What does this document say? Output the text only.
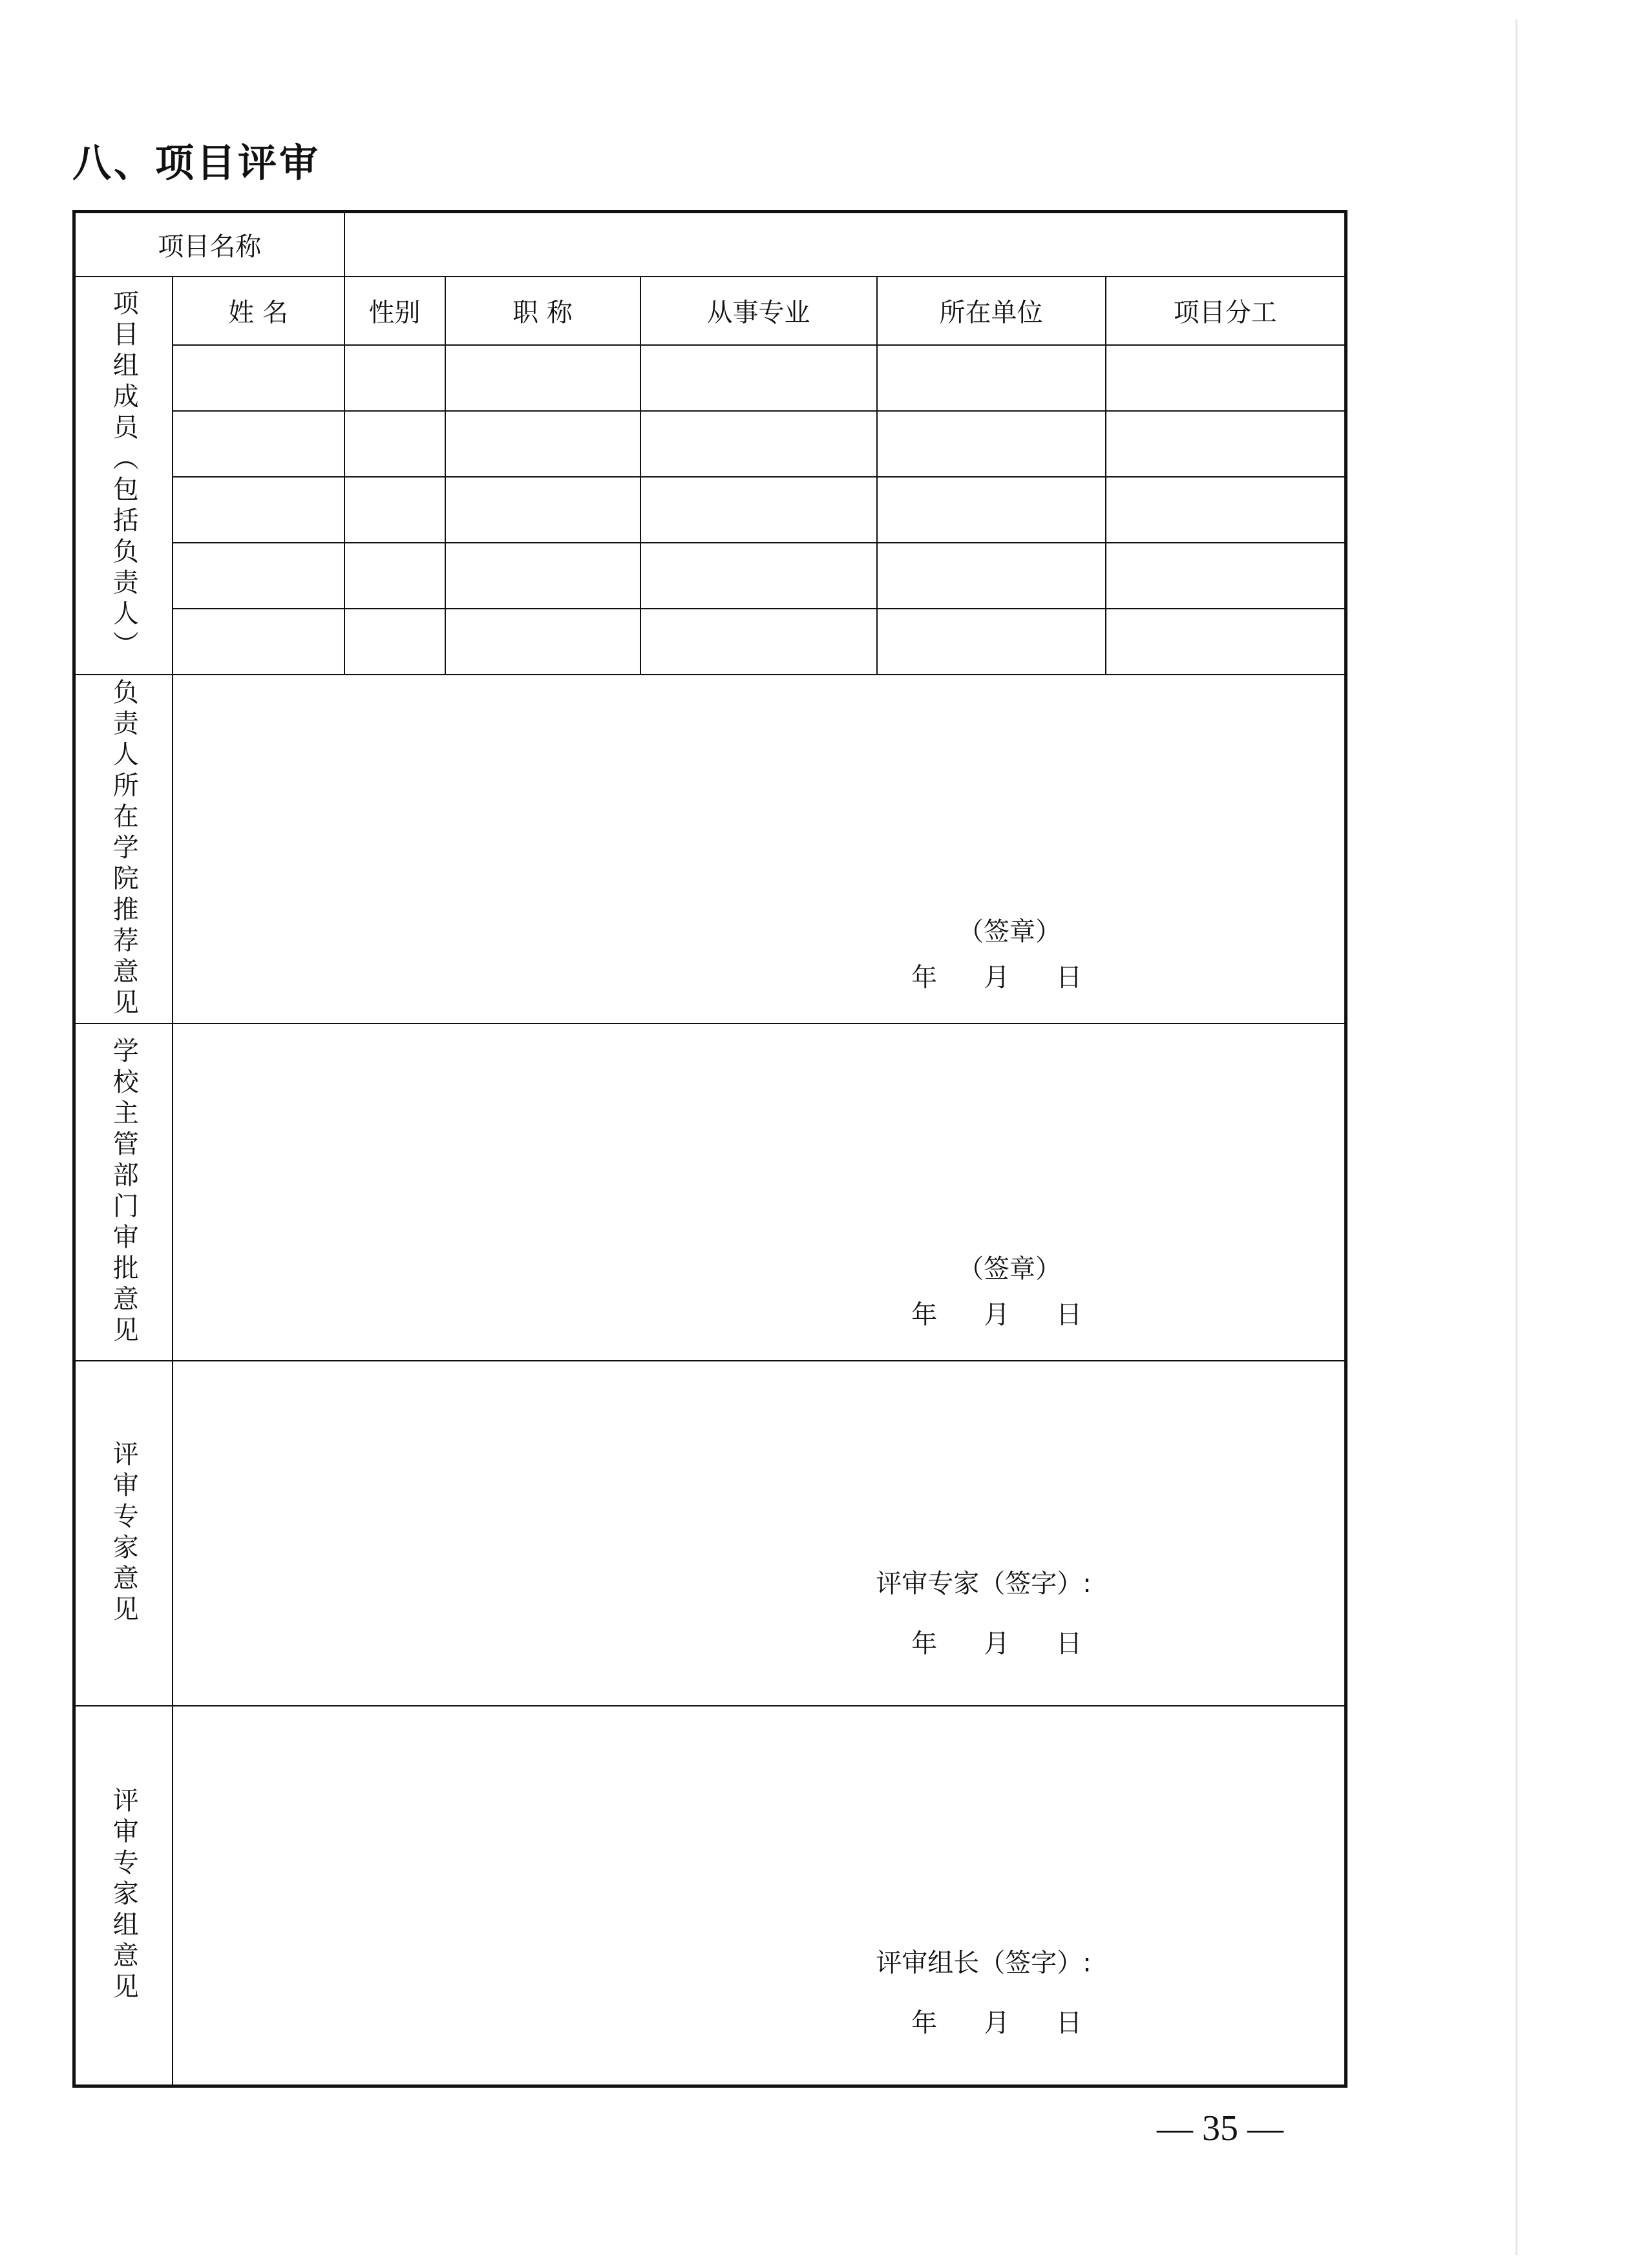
八、项目评审
项目名称						

项目组成员（包括负责人）	姓 名	性别	职 称	从事专业	所在单位	项目分工

负责人所在学院推荐意见	（签章）
年 月 日					

学校主管部门审批意见	（签章）
年 月 日					

评审专家意见	评审专家（签字）:
年 月 日					

评审专家组意见	评审组长（签字）:
年 月 日					
— 35 —
